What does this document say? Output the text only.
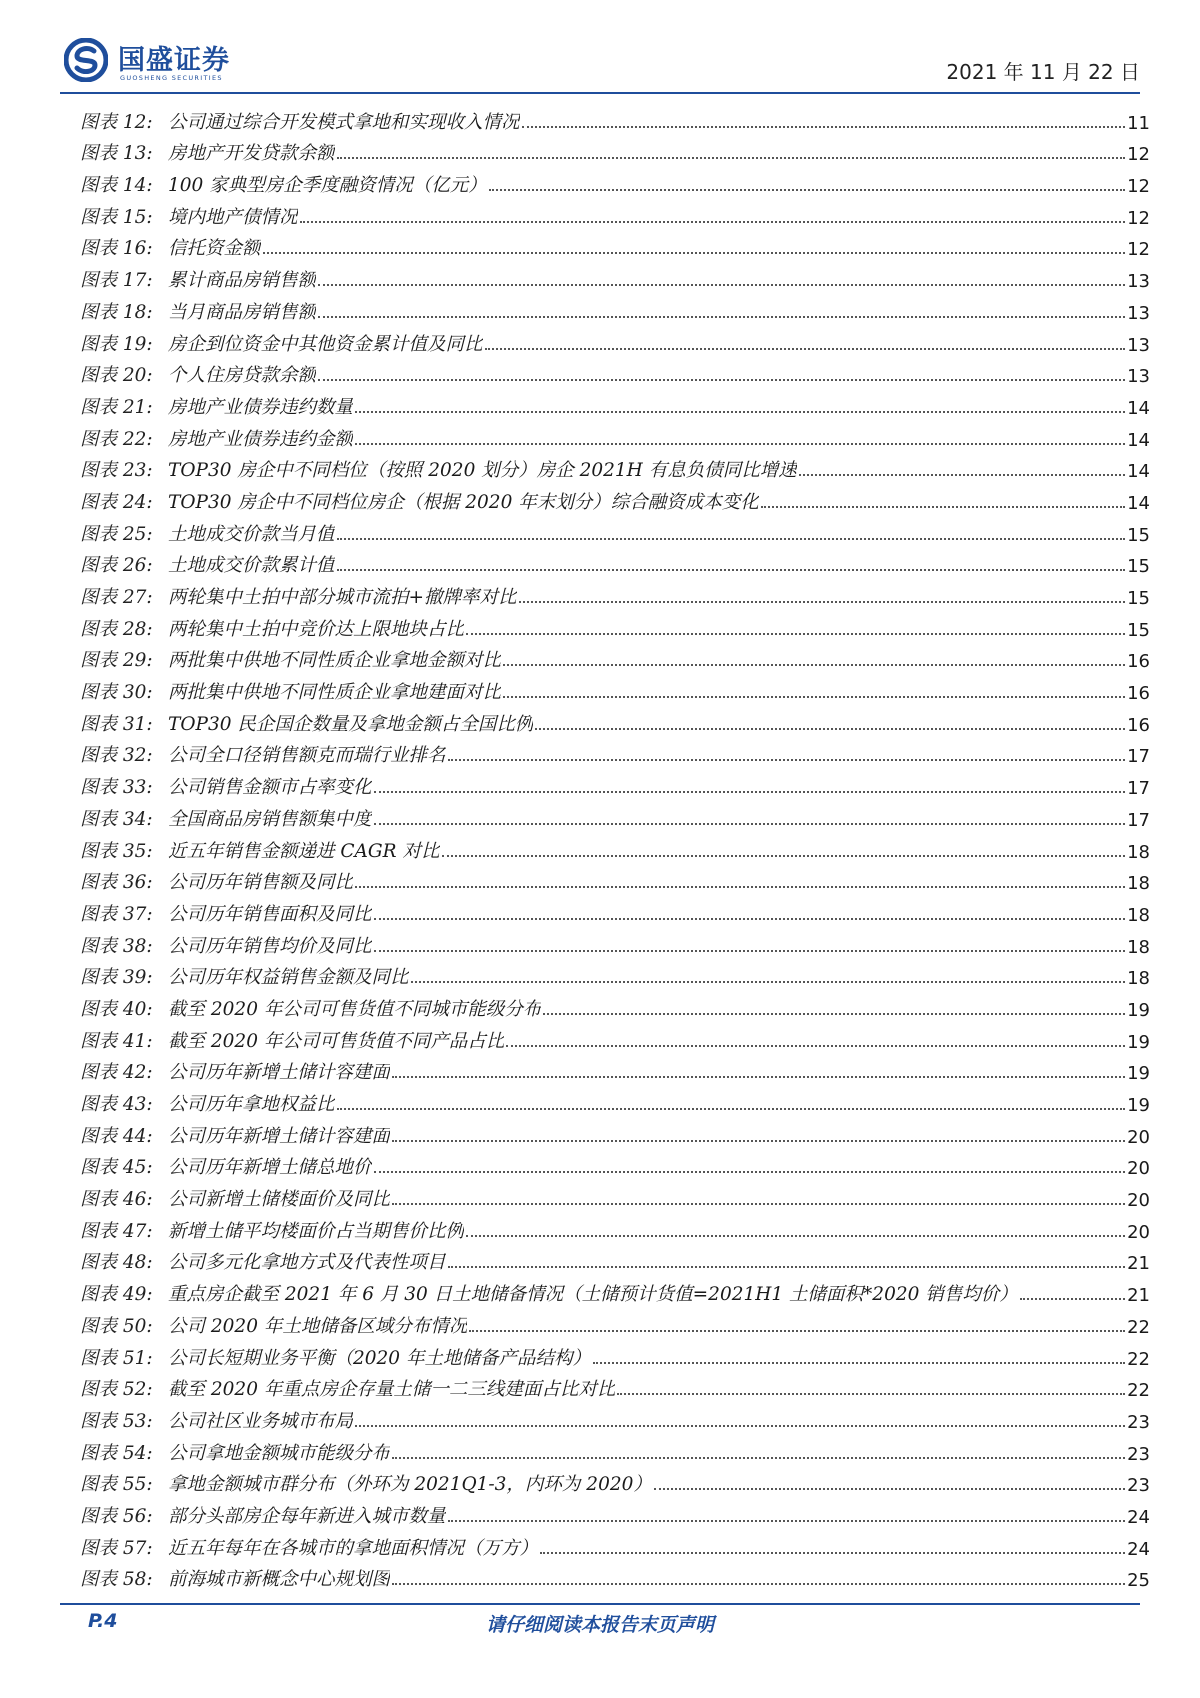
国盛证券
GUOSHENG SECURITIES	2021 年 11 月 22 日
图表 12: 公司通过综合开发模式拿地和实现收入情况	11
图表 13: 房地产开发贷款余额	12
图表 14: 100 家典型房企季度融资情况（亿元）	12
图表 15: 境内地产债情况	12
图表 16: 信托资金额	12
图表 17: 累计商品房销售额	13
图表 18: 当月商品房销售额	13
图表 19: 房企到位资金中其他资金累计值及同比	13
图表 20: 个人住房贷款余额	13
图表 21: 房地产业债券违约数量	14
图表 22: 房地产业债券违约金额	14
图表 23: TOP30 房企中不同档位（按照 2020 划分）房企 2021H 有息负债同比增速	14
图表 24: TOP30 房企中不同档位房企（根据 2020 年末划分）综合融资成本变化	14
图表 25: 土地成交价款当月值	15
图表 26: 土地成交价款累计值	15
图表 27: 两轮集中土拍中部分城市流拍+撤牌率对比	15
图表 28: 两轮集中土拍中竞价达上限地块占比	15
图表 29: 两批集中供地不同性质企业拿地金额对比	16
图表 30: 两批集中供地不同性质企业拿地建面对比	16
图表 31: TOP30 民企国企数量及拿地金额占全国比例	16
图表 32: 公司全口径销售额克而瑞行业排名	17
图表 33: 公司销售金额市占率变化	17
图表 34: 全国商品房销售额集中度	17
图表 35: 近五年销售金额递进 CAGR 对比	18
图表 36: 公司历年销售额及同比	18
图表 37: 公司历年销售面积及同比	18
图表 38: 公司历年销售均价及同比	18
图表 39: 公司历年权益销售金额及同比	18
图表 40: 截至 2020 年公司可售货值不同城市能级分布	19
图表 41: 截至 2020 年公司可售货值不同产品占比	19
图表 42: 公司历年新增土储计容建面	19
图表 43: 公司历年拿地权益比	19
图表 44: 公司历年新增土储计容建面	20
图表 45: 公司历年新增土储总地价	20
图表 46: 公司新增土储楼面价及同比	20
图表 47: 新增土储平均楼面价占当期售价比例	20
图表 48: 公司多元化拿地方式及代表性项目	21
图表 49: 重点房企截至 2021 年 6 月 30 日土地储备情况（土储预计货值=2021H1 土储面积*2020 销售均价）	21
图表 50: 公司 2020 年土地储备区域分布情况	22
图表 51: 公司长短期业务平衡（2020 年土地储备产品结构）	22
图表 52: 截至 2020 年重点房企存量土储一二三线建面占比对比	22
图表 53: 公司社区业务城市布局	23
图表 54: 公司拿地金额城市能级分布	23
图表 55: 拿地金额城市群分布（外环为 2021Q1-3，内环为 2020）	23
图表 56: 部分头部房企每年新进入城市数量	24
图表 57: 近五年每年在各城市的拿地面积情况（万方）	24
图表 58: 前海城市新概念中心规划图	25
请仔细阅读本报告末页声明
P.4
